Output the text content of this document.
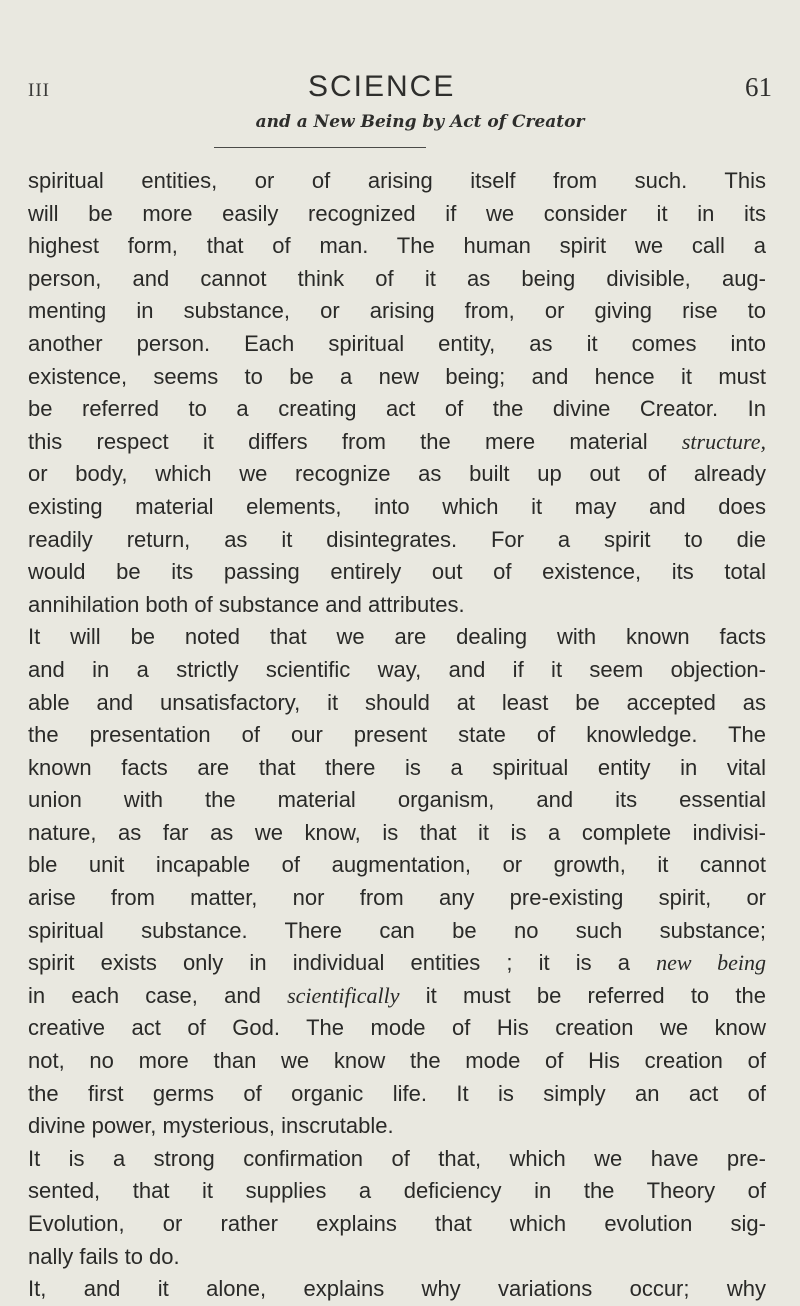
III	SCIENCE	61
and a New Being by Act of Creator
spiritual entities, or of arising itself from such. This
will be more easily recognized if we consider it in its
highest form, that of man. The human spirit we call a
person, and cannot think of it as being divisible, aug-
menting in substance, or arising from, or giving rise to
another person. Each spiritual entity, as it comes into
existence, seems to be a new being; and hence it must
be referred to a creating act of the divine Creator. In
this respect it differs from the mere material structure,
or body, which we recognize as built up out of already
existing material elements, into which it may and does
readily return, as it disintegrates. For a spirit to die
would be its passing entirely out of existence, its total
annihilation both of substance and attributes.
It will be noted that we are dealing with known facts
and in a strictly scientific way, and if it seem objection-
able and unsatisfactory, it should at least be accepted as
the presentation of our present state of knowledge. The
known facts are that there is a spiritual entity in vital
union with the material organism, and its essential
nature, as far as we know, is that it is a complete indivisi-
ble unit incapable of augmentation, or growth, it cannot
arise from matter, nor from any pre-existing spirit, or
spiritual substance. There can be no such substance;
spirit exists only in individual entities ; it is a new being
in each case, and scientifically it must be referred to the
creative act of God. The mode of His creation we know
not, no more than we know the mode of His creation of
the first germs of organic life. It is simply an act of
divine power, mysterious, inscrutable.
It is a strong confirmation of that, which we have pre-
sented, that it supplies a deficiency in the Theory of
Evolution, or rather explains that which evolution sig-
nally fails to do.
It, and it alone, explains why variations occur; why
